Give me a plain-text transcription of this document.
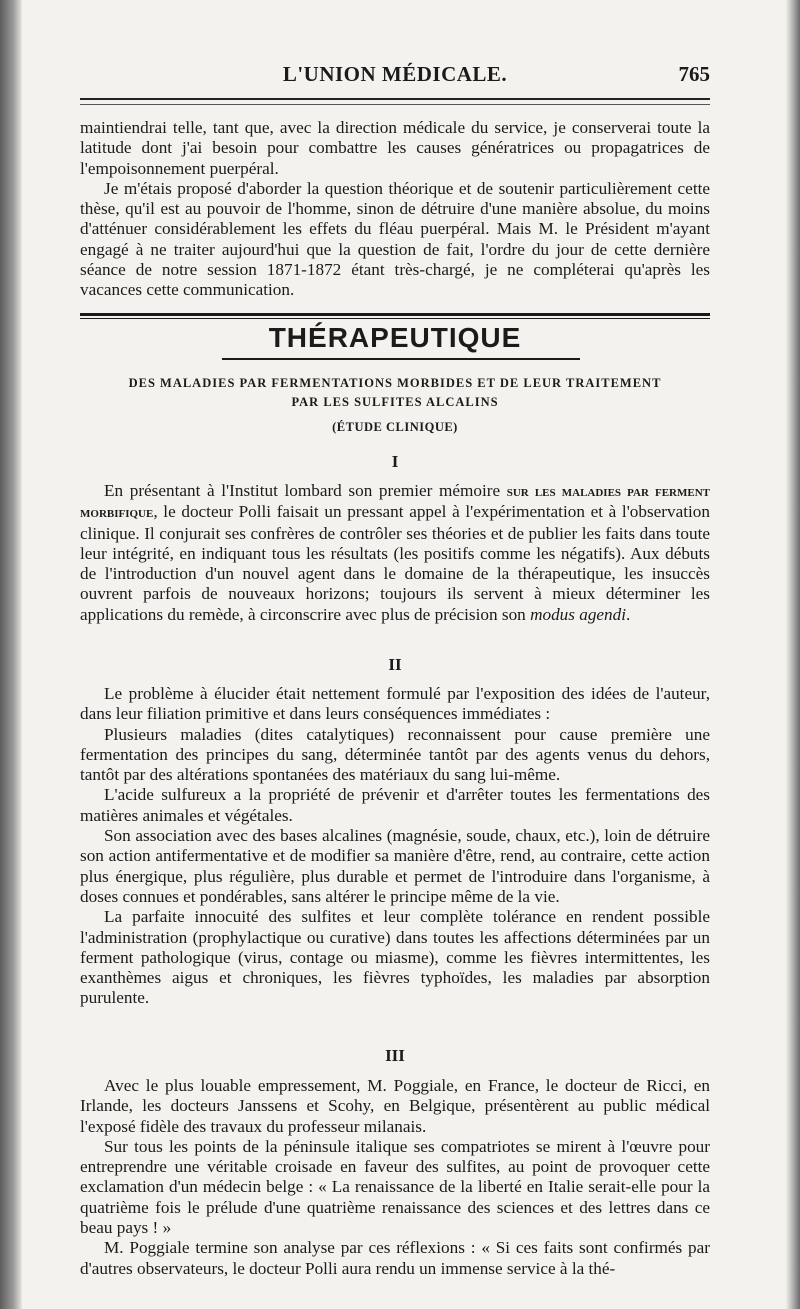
L'UNION MÉDICALE.	765

maintiendrai telle, tant que, avec la direction médicale du service, je conserverai toute la latitude dont j'ai besoin pour combattre les causes génératrices ou propagatrices de l'empoisonnement puerpéral.

Je m'étais proposé d'aborder la question théorique et de soutenir particulièrement cette thèse, qu'il est au pouvoir de l'homme, sinon de détruire d'une manière absolue, du moins d'atténuer considérablement les effets du fléau puerpéral. Mais M. le Président m'ayant engagé à ne traiter aujourd'hui que la question de fait, l'ordre du jour de cette dernière séance de notre session 1871-1872 étant très-chargé, je ne compléterai qu'après les vacances cette communication.

THÉRAPEUTIQUE
DES MALADIES PAR FERMENTATIONS MORBIDES ET DE LEUR TRAITEMENT
PAR LES SULFITES ALCALINS
(ÉTUDE CLINIQUE)
I

En présentant à l'Institut lombard son premier mémoire sur les maladies par ferment morbifique, le docteur Polli faisait un pressant appel à l'expérimentation et à l'observation clinique. Il conjurait ses confrères de contrôler ses théories et de publier les faits dans toute leur intégrité, en indiquant tous les résultats (les positifs comme les négatifs). Aux débuts de l'introduction d'un nouvel agent dans le domaine de la thérapeutique, les insuccès ouvrent parfois de nouveaux horizons; toujours ils servent à mieux déterminer les applications du remède, à circonscrire avec plus de précision son modus agendi.

II

Le problème à élucider était nettement formulé par l'exposition des idées de l'auteur, dans leur filiation primitive et dans leurs conséquences immédiates :

Plusieurs maladies (dites catalytiques) reconnaissent pour cause première une fermentation des principes du sang, déterminée tantôt par des agents venus du dehors, tantôt par des altérations spontanées des matériaux du sang lui-même.

L'acide sulfureux a la propriété de prévenir et d'arrêter toutes les fermentations des matières animales et végétales.

Son association avec des bases alcalines (magnésie, soude, chaux, etc.), loin de détruire son action antifermentative et de modifier sa manière d'être, rend, au contraire, cette action plus énergique, plus régulière, plus durable et permet de l'introduire dans l'organisme, à doses connues et pondérables, sans altérer le principe même de la vie.

La parfaite innocuité des sulfites et leur complète tolérance en rendent possible l'administration (prophylactique ou curative) dans toutes les affections déterminées par un ferment pathologique (virus, contage ou miasme), comme les fièvres intermittentes, les exanthèmes aigus et chroniques, les fièvres typhoïdes, les maladies par absorption purulente.

III

Avec le plus louable empressement, M. Poggiale, en France, le docteur de Ricci, en Irlande, les docteurs Janssens et Scohy, en Belgique, présentèrent au public médical l'exposé fidèle des travaux du professeur milanais.

Sur tous les points de la péninsule italique ses compatriotes se mirent à l'œuvre pour entreprendre une véritable croisade en faveur des sulfites, au point de provoquer cette exclamation d'un médecin belge : « La renaissance de la liberté en Italie serait-elle pour la quatrième fois le prélude d'une quatrième renaissance des sciences et des lettres dans ce beau pays ! »

M. Poggiale termine son analyse par ces réflexions : « Si ces faits sont confirmés par d'autres observateurs, le docteur Polli aura rendu un immense service à la thé-
